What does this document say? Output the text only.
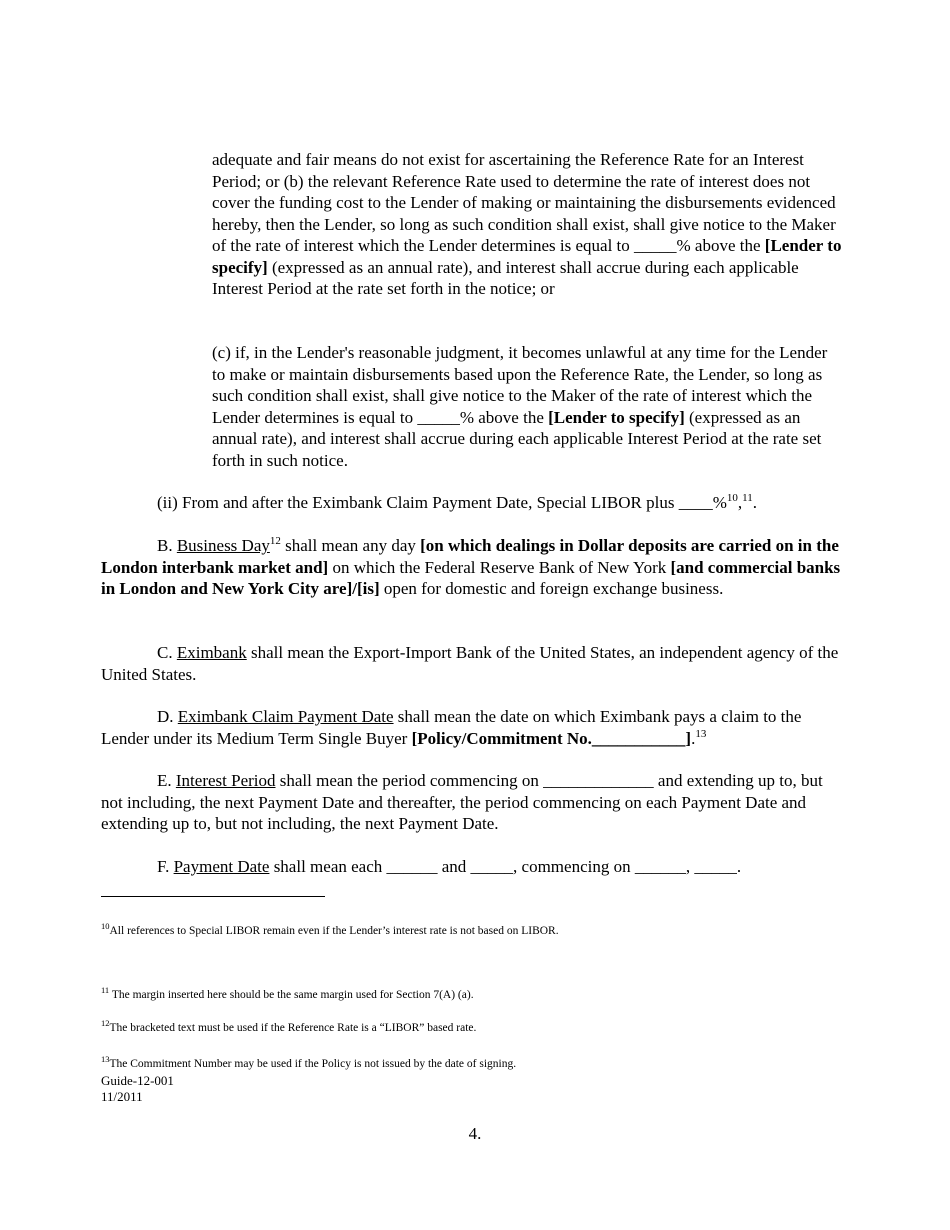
adequate and fair means do not exist for ascertaining the Reference Rate for an Interest Period; or (b) the relevant Reference Rate used to determine the rate of interest does not cover the funding cost to the Lender of making or maintaining the disbursements evidenced hereby, then the Lender, so long as such condition shall exist, shall give notice to the Maker of the rate of interest which the Lender determines is equal to _____% above the [Lender to specify] (expressed as an annual rate), and interest shall accrue during each applicable Interest Period at the rate set forth in the notice; or

(c) if, in the Lender's reasonable judgment, it becomes unlawful at any time for the Lender to make or maintain disbursements based upon the Reference Rate, the Lender, so long as such condition shall exist, shall give notice to the Maker of the rate of interest which the Lender determines is equal to _____% above the [Lender to specify] (expressed as an annual rate), and interest shall accrue during each applicable Interest Period at the rate set forth in such notice.

(ii) From and after the Eximbank Claim Payment Date, Special LIBOR plus ____%$^{10}$,$^{11}$.

B. Business Day$^{12}$ shall mean any day [on which dealings in Dollar deposits are carried on in the London interbank market and] on which the Federal Reserve Bank of New York [and commercial banks in London and New York City are]/[is] open for domestic and foreign exchange business.

C. Eximbank shall mean the Export-Import Bank of the United States, an independent agency of the United States.

D. Eximbank Claim Payment Date shall mean the date on which Eximbank pays a claim to the Lender under its Medium Term Single Buyer [Policy/Commitment No.___________].$^{13}$

E. Interest Period shall mean the period commencing on _____________ and extending up to, but not including, the next Payment Date and thereafter, the period commencing on each Payment Date and extending up to, but not including, the next Payment Date.

F. Payment Date shall mean each ______ and _____, commencing on ______, _____.

$^{10}$All references to Special LIBOR remain even if the Lender’s interest rate is not based on LIBOR.

$^{11}$ The margin inserted here should be the same margin used for Section 7(A) (a).

$^{12}$The bracketed text must be used if the Reference Rate is a “LIBOR” based rate.

$^{13}$The Commitment Number may be used if the Policy is not issued by the date of signing.

Guide-12-001
11/2011
4.
